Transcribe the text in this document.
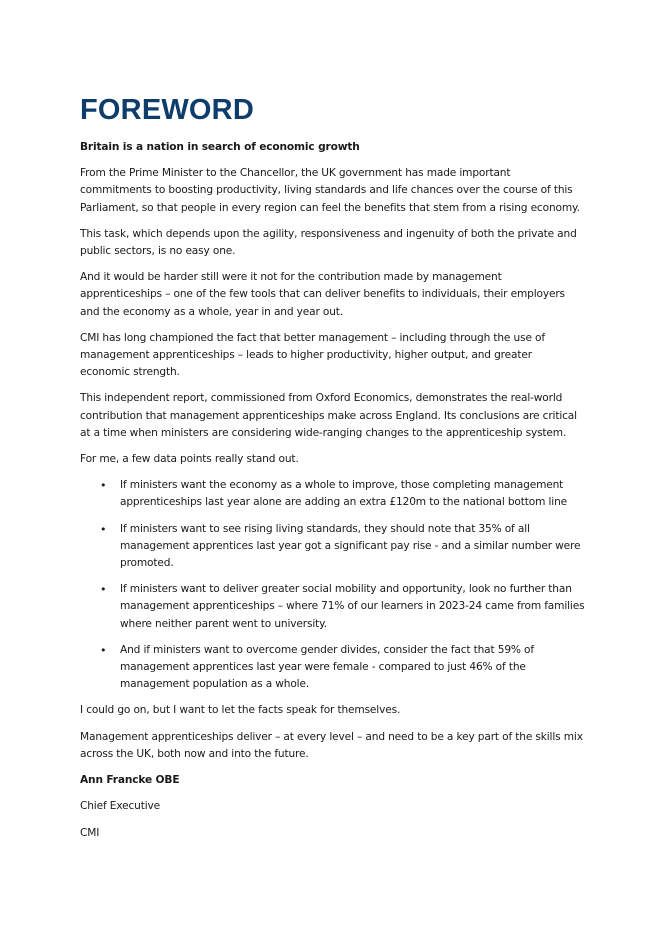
FOREWORD

Britain is a nation in search of economic growth

From the Prime Minister to the Chancellor, the UK government has made important commitments to boosting productivity, living standards and life chances over the course of this Parliament, so that people in every region can feel the benefits that stem from a rising economy.

This task, which depends upon the agility, responsiveness and ingenuity of both the private and public sectors, is no easy one.

And it would be harder still were it not for the contribution made by management apprenticeships – one of the few tools that can deliver benefits to individuals, their employers and the economy as a whole, year in and year out.

CMI has long championed the fact that better management – including through the use of management apprenticeships – leads to higher productivity, higher output, and greater economic strength.

This independent report, commissioned from Oxford Economics, demonstrates the real-world contribution that management apprenticeships make across England. Its conclusions are critical at a time when ministers are considering wide-ranging changes to the apprenticeship system.

For me, a few data points really stand out.

• If ministers want the economy as a whole to improve, those completing management apprenticeships last year alone are adding an extra £120m to the national bottom line
• If ministers want to see rising living standards, they should note that 35% of all management apprentices last year got a significant pay rise - and a similar number were promoted.
• If ministers want to deliver greater social mobility and opportunity, look no further than management apprenticeships – where 71% of our learners in 2023-24 came from families where neither parent went to university.
• And if ministers want to overcome gender divides, consider the fact that 59% of management apprentices last year were female - compared to just 46% of the management population as a whole.

I could go on, but I want to let the facts speak for themselves.

Management apprenticeships deliver – at every level – and need to be a key part of the skills mix across the UK, both now and into the future.

Ann Francke OBE

Chief Executive

CMI
